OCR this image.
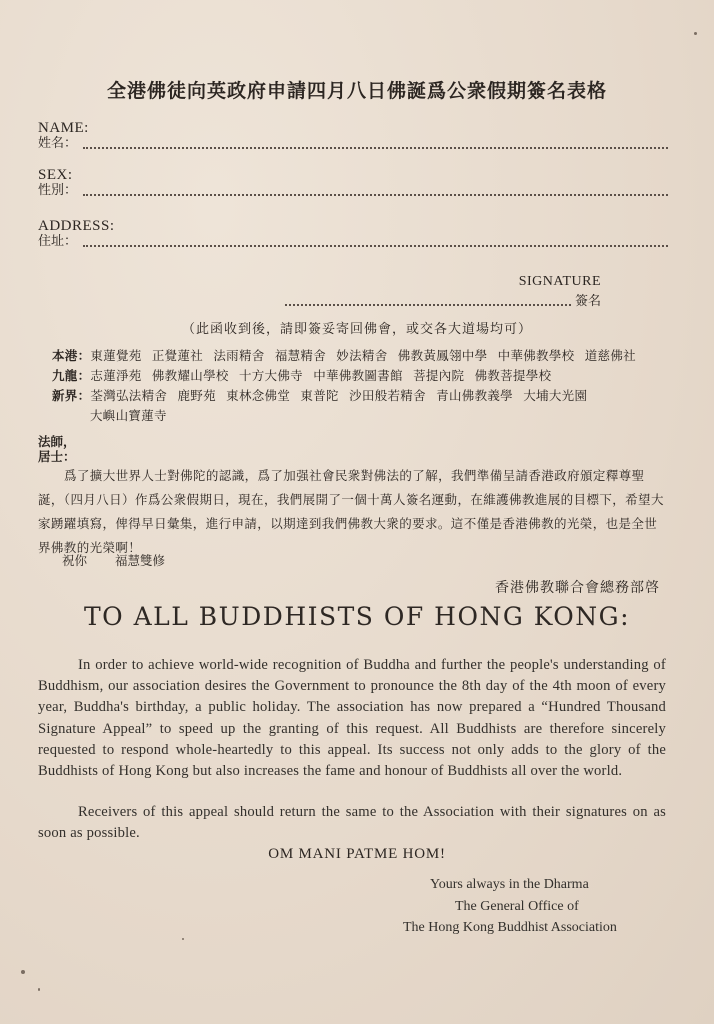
全港佛徒向英政府申請四月八日佛誕爲公衆假期簽名表格
NAME:
姓名：
SEX:
性別：
ADDRESS:
住址：
SIGNATURE
簽名
（此函收到後，請即簽妥寄回佛會，或交各大道場均可）
本港：東蓮覺苑 正覺蓮社 法雨精舍 福慧精舍 妙法精舍 佛教黃鳳翎中學 中華佛教學校 道慈佛社
九龍：志蓮淨苑 佛教耀山學校 十方大佛寺 中華佛教圖書館 菩提內院 佛教菩提學校
新界：荃灣弘法精舍 鹿野苑 東林念佛堂 東普陀 沙田般若精舍 青山佛教義學 大埔大光園
大嶼山寶蓮寺
法師，
居士：
爲了擴大世界人士對佛陀的認識，爲了加强社會民衆對佛法的了解，我們準備呈請香港政府頒定釋尊聖誕，（四月八日）作爲公衆假期日，現在，我們展開了一個十萬人簽名運動，在維護佛教進展的目標下，希望大家踴躍填寫，俾得早日彙集，進行申請，以期達到我們佛教大衆的要求。這不僅是香港佛教的光榮，也是全世界佛教的光榮啊！
祝你 福慧雙修
香港佛教聯合會總務部啓
TO ALL BUDDHISTS OF HONG KONG:
In order to achieve world-wide recognition of Buddha and further the people's understanding of Buddhism, our association desires the Government to pronounce the 8th day of the 4th moon of every year, Buddha's birthday, a public holiday. The association has now prepared a “Hundred Thousand Signature Appeal” to speed up the granting of this request. All Buddhists are therefore sincerely requested to respond whole-heartedly to this appeal. Its success not only adds to the glory of the Buddhists of Hong Kong but also increases the fame and honour of Buddhists all over the world.
Receivers of this appeal should return the same to the Association with their signatures on as soon as possible.
OM MANI PATME HOM!
Yours always in the Dharma
The General Office of
The Hong Kong Buddhist Association
